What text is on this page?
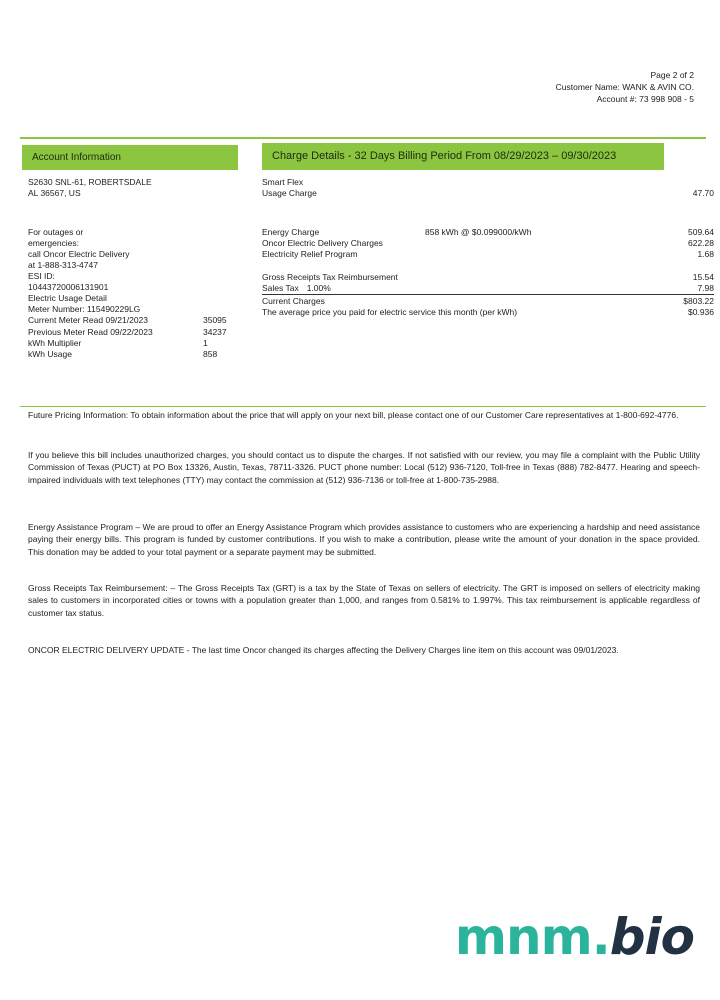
Page 2 of 2
Customer Name: WANK & AVIN CO.
Account #: 73 998 908 - 5
Account Information	Charge Details - 32 Days Billing Period From 08/29/2023 – 09/30/2023
S2630 SNL-61, ROBERTSDALE
AL 36567, US
For outages or
emergencies:
call Oncor Electric Delivery
at 1-888-313-4747
ESI ID:
10443720006131901
Electric Usage Detail
Meter Number: 115490229LG
Current Meter Read 09/21/2023	35095
Previous Meter Read 09/22/2023	34237
kWh Multiplier	1
kWh Usage	858
Smart Flex
Usage Charge	47.70
Energy Charge	858 kWh @ $0.099000/kWh	509.64
Oncor Electric Delivery Charges	622.28
Electricity Relief Program	1.68
Gross Receipts Tax Reimbursement	15.54
Sales Tax 1.00%	7.98
Current Charges	$803.22
The average price you paid for electric service this month (per kWh)	$0.936
Future Pricing Information: To obtain information about the price that will apply on your next bill, please contact one of our Customer Care representatives at 1-800-692-4776.
If you believe this bill includes unauthorized charges, you should contact us to dispute the charges. If not satisfied with our review, you may file a complaint with the Public Utility Commission of Texas (PUCT) at PO Box 13326, Austin, Texas, 78711-3326. PUCT phone number: Local (512) 936-7120, Toll-free in Texas (888) 782-8477. Hearing and speech-impaired individuals with text telephones (TTY) may contact the commission at (512) 936-7136 or toll-free at 1-800-735-2988.
Energy Assistance Program – We are proud to offer an Energy Assistance Program which provides assistance to customers who are experiencing a hardship and need assistance paying their energy bills. This program is funded by customer contributions. If you wish to make a contribution, please write the amount of your donation in the space provided. This donation may be added to your total payment or a separate payment may be submitted.
Gross Receipts Tax Reimbursement: – The Gross Receipts Tax (GRT) is a tax by the State of Texas on sellers of electricity. The GRT is imposed on sellers of electricity making sales to customers in incorporated cities or towns with a population greater than 1,000, and ranges from 0.581% to 1.997%. This tax reimbursement is applicable regardless of customer tax status.
ONCOR ELECTRIC DELIVERY UPDATE - The last time Oncor changed its charges affecting the Delivery Charges line item on this account was 09/01/2023.
mnm.bio
